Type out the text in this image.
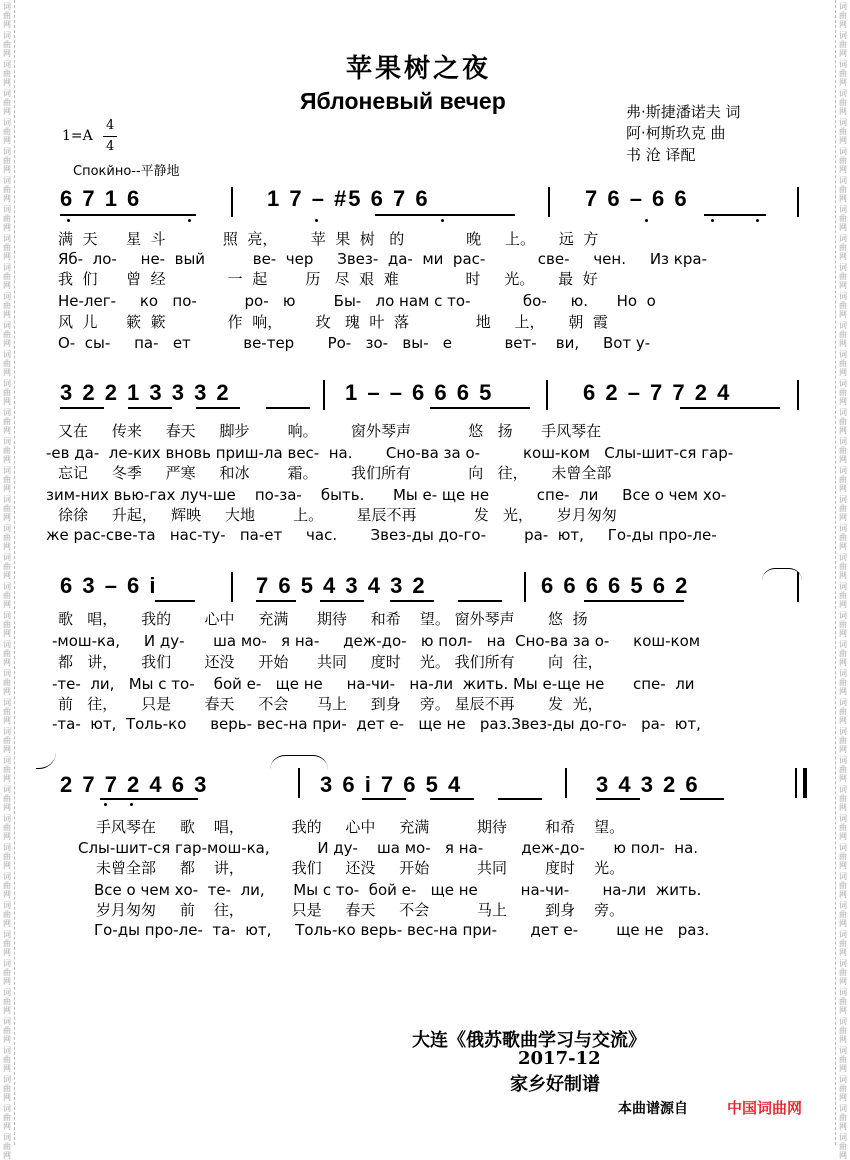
词
曲
网
词
曲
网
词
曲
网
词
曲
网
词
曲
网
词
曲
网
词
曲
网
词
曲
网
词
曲
网
词
曲
网
词
曲
网
词
曲
网
词
曲
网
词
曲
网
词
曲
网
词
曲
网
词
曲
网
词
曲
网
词
曲
网
词
曲
网
词
曲
网
词
曲
网
词
曲
网
词
曲
网
词
曲
网
词
曲
网
词
曲
网
词
曲
网
词
曲
网
词
曲
网
词
曲
网
词
曲
网
词
曲
网
词
曲
网
词
曲
网
词
曲
网
词
曲
网
词
曲
网
词
曲
网
词
曲
网
词
曲
网
词
曲
网
词
曲
网
词
曲
网
词
曲
网
词
曲
网
词
曲
网
词
曲
网
词
曲
网
词
曲
网
词
曲
网
词
曲
网
词
曲
网
词
曲
网
词
曲
网
词
曲
网
词
曲
网
词
曲
网
词
曲
网
词
曲
网
词
曲
网
词
曲
网
词
曲
网
词
曲
网
词
曲
网
词
曲
网
词
曲
网
词
曲
网
词
曲
网
词
曲
网
词
曲
网
词
曲
网
词
曲
网
词
曲
网
词
曲
网
词
曲
网
词
曲
网
词
曲
网
词
曲
网
词
曲
网
苹果树之夜
Яблоневый вечер
1=A
4
4
Спокйно--平静地
弗·斯捷潘诺夫 词
阿·柯斯玖克 曲
书 沧 译配
6 7 1 6	1 7 – #5 6 7 6	7 6 – 6 6
满  天      星  斗            照  亮，       苹  果  树   的             晚     上。     远  方
Яб-  ло-     не-  вый          ве-  чер     Звез-  да-  ми  рас-           све-     чен.     Из кра-
我  们      曾  经             一  起        历   尽  艰  难              时     光。     最  好
Не-лег-     ко   по-          ро-   ю        Бы-   ло нам с то-           бо-     ю.      Но  о
风  儿      簌  簌             作  响，       玫   瑰  叶  落              地     上，     朝  霞
О-  сы-     па-   ет           ве-тер       Ро-   зо-   вы-   е           вет-    ви,     Вот у-
3 2 2 1 3 3 3 2	1 – – 6 6 6 5	6 2 – 7 7 2 4
又在     传来     春天     脚步        响。       窗外琴声            悠   扬      手风琴在
-ев да-  ле-ких вновь приш-ла вес-  на.       Сно-ва за о-         кош-ком   Слы-шит-ся гар-
忘记     冬季     严寒     和冰        霜。       我们所有            向   往，     未曾全部
зим-них вью-гах луч-ше    по-за-    быть.      Мы е- ще не          спе-  ли     Все о чем хо-
徐徐     升起，   辉映     大地        上。       星辰不再            发   光，     岁月匆匆
же рас-све-та   нас-ту-   па-ет     час.       Звез-ды до-го-        ра-  ют,     Го-ды про-ле-
6 3 – 6 i	7 6 5 4 3 4 3 2	6 6 6 6 5 6 2
歌   唱，     我的       心中     充满      期待     和希    望。 窗外琴声       悠  扬
-мош-ка,     И ду-      ша мо-   я на-     деж-до-   ю пол-   на  Сно-ва за о-     кош-ком
都   讲，     我们       还没     开始      共同     度时    光。 我们所有       向  往，
-те-  ли,   Мы с то-    бой е-   ще не     на-чи-   на-ли  жить. Мы е-ще не      спе-  ли
前   往，     只是       春天     不会      马上     到身    旁。 星辰不再       发  光，
-та-  ют,  Толь-ко     верь- вес-на при-  дет е-   ще не   раз.Звез-ды до-го-   ра-  ют,
2 7 7 2 4 6 3	3 6 i 7 6 5 4	3 4 3 2 6
手风琴在     歌    唱，          我的     心中     充满          期待        和希    望。
Слы-шит-ся гар-мош-ка,          И ду-    ша мо-   я на-        деж-до-      ю пол-  на.
未曾全部     都    讲，          我们     还没     开始          共同        度时    光。
Все о чем хо-  те-  ли,      Мы с то-  бой е-   ще не         на-чи-       на-ли  жить.
岁月匆匆     前    往，          只是     春天     不会          马上        到身    旁。
Го-ды про-ле-  та-  ют,     Толь-ко верь- вес-на при-       дет е-        ще не   раз.
大连《俄苏歌曲学习与交流》
2017-12
家乡好制谱
本曲谱源自	中国词曲网
